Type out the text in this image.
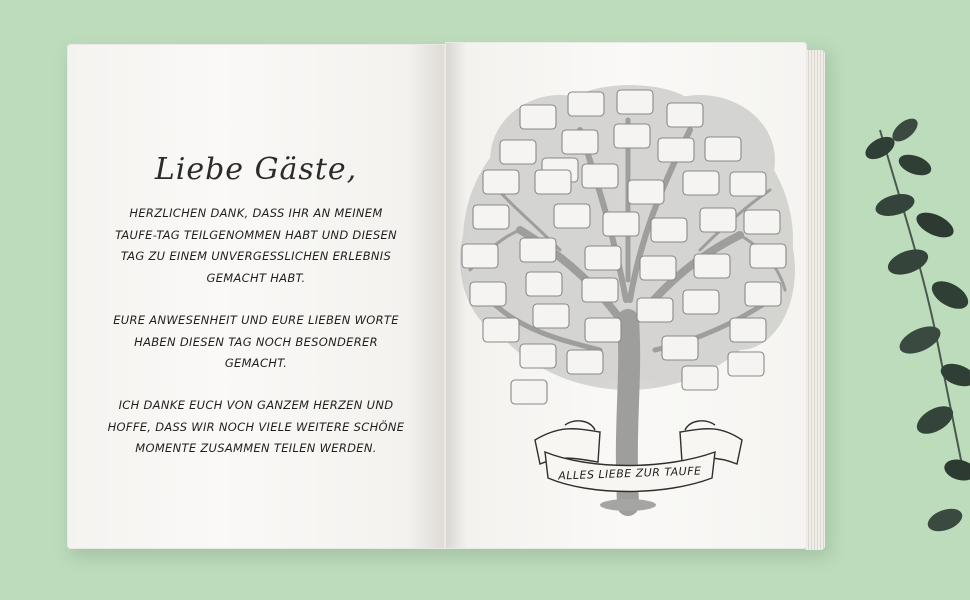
Liebe Gäste,
HERZLICHEN DANK, DASS IHR AN MEINEM TAUFE-TAG TEILGENOMMEN HABT UND DIESEN TAG ZU EINEM UNVERGESSLICHEN ERLEBNIS GEMACHT HABT.
EURE ANWESENHEIT UND EURE LIEBEN WORTE HABEN DIESEN TAG NOCH BESONDERER GEMACHT.
ICH DANKE EUCH VON GANZEM HERZEN UND HOFFE, DASS WIR NOCH VIELE WEITERE SCHÖNE MOMENTE ZUSAMMEN TEILEN WERDEN.
ALLES LIEBE ZUR TAUFE
